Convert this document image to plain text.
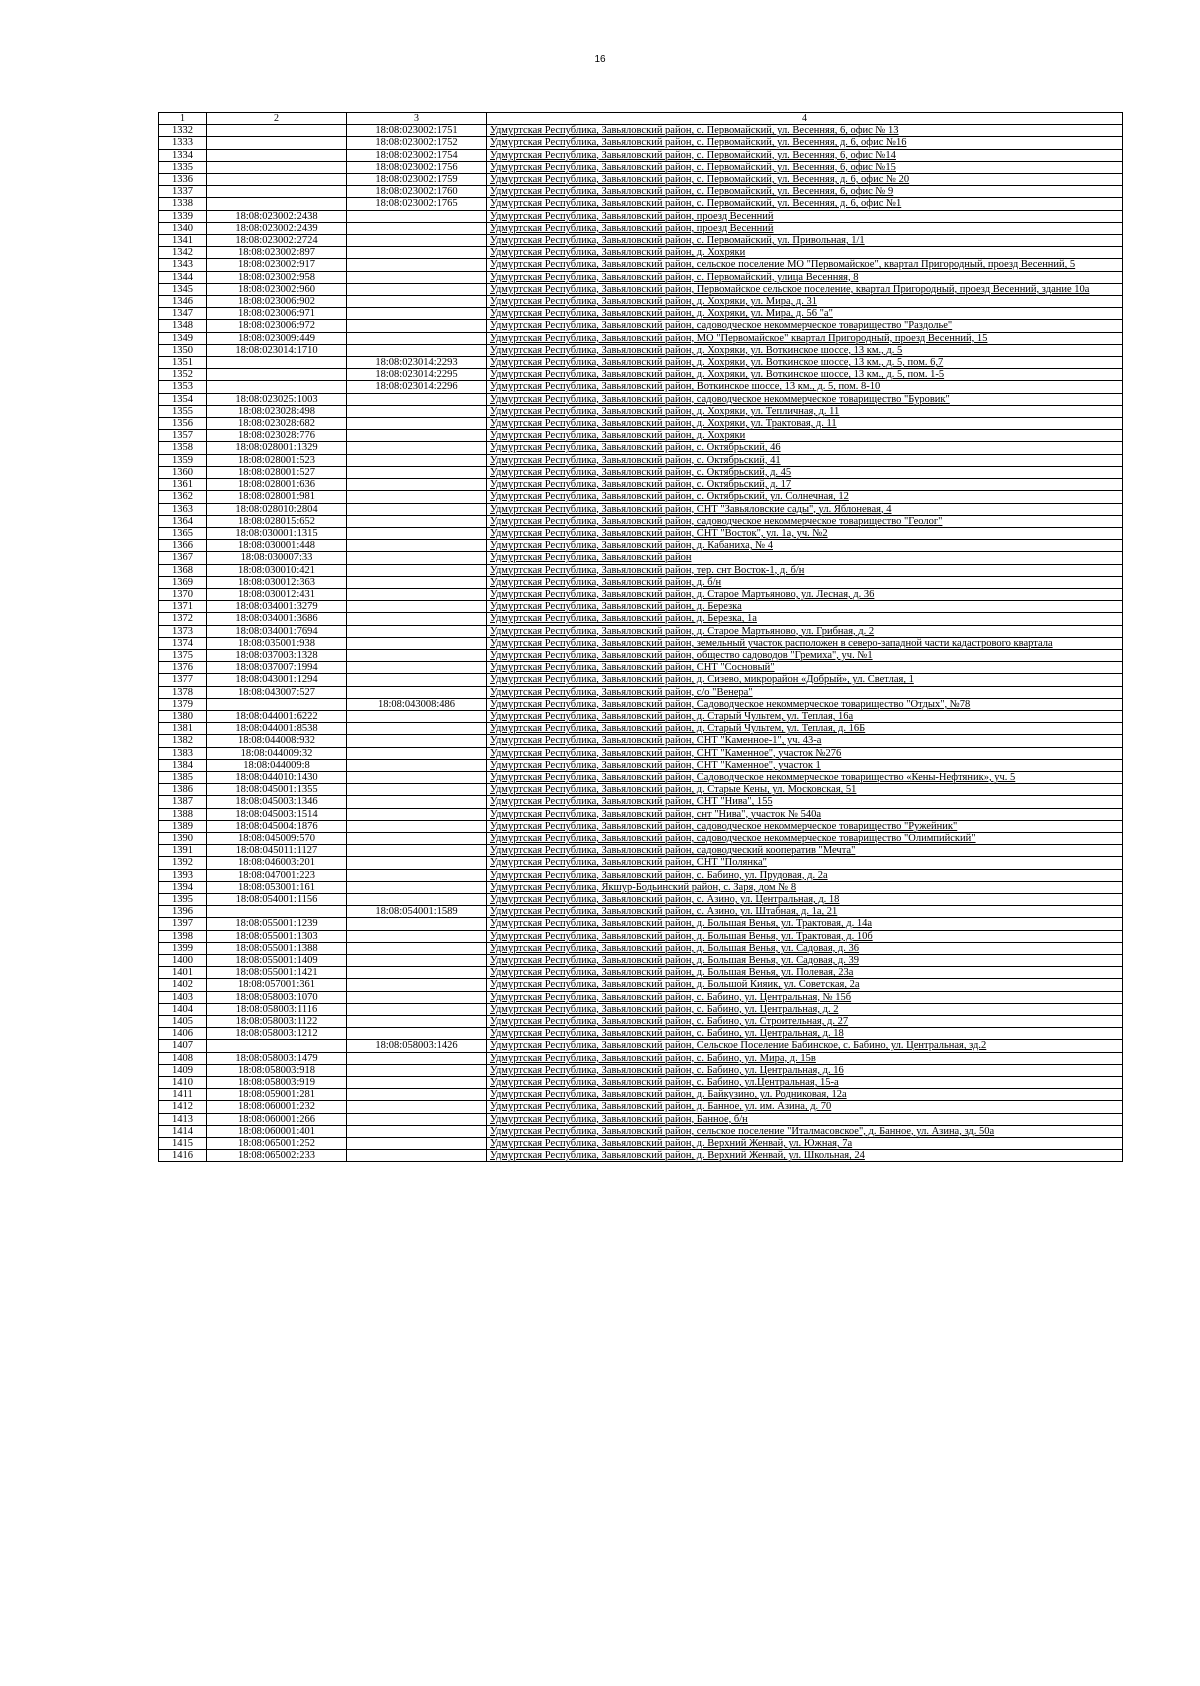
16
1	2	3	4
1332		18:08:023002:1751	Удмуртская Республика, Завьяловский район, с. Первомайский, ул. Весенняя, 6, офис № 13
1333		18:08:023002:1752	Удмуртская Республика, Завьяловский район, с. Первомайский, ул. Весенняя, д. 6, офис №16
1334		18:08:023002:1754	Удмуртская Республика, Завьяловский район, с. Первомайский, ул. Весенняя, 6, офис №14
1335		18:08:023002:1756	Удмуртская Республика, Завьяловский район, с. Первомайский, ул. Весенняя, 6, офис №15
1336		18:08:023002:1759	Удмуртская Республика, Завьяловский район, с. Первомайский, ул. Весенняя, д. 6, офис № 20
1337		18:08:023002:1760	Удмуртская Республика, Завьяловский район, с. Первомайский, ул. Весенняя, 6, офис № 9
1338		18:08:023002:1765	Удмуртская Республика, Завьяловский район, с. Первомайский, ул. Весенняя, д. 6, офис №1
1339	18:08:023002:2438		Удмуртская Республика, Завьяловский район, проезд Весенний
1340	18:08:023002:2439		Удмуртская Республика, Завьяловский район, проезд Весенний
1341	18:08:023002:2724		Удмуртская Республика, Завьяловский район, с. Первомайский, ул. Привольная, 1/1
1342	18:08:023002:897		Удмуртская Республика, Завьяловский район, д. Хохряки
1343	18:08:023002:917		Удмуртская Республика, Завьяловский район, сельское поселение МО "Первомайское", квартал Пригородный, проезд Весенний, 5
1344	18:08:023002:958		Удмуртская Республика, Завьяловский район, с. Первомайский, улица Весенняя, 8
1345	18:08:023002:960		Удмуртская Республика, Завьяловский район, Первомайское сельское поселение, квартал Пригородный, проезд Весенний, здание 10а
1346	18:08:023006:902		Удмуртская Республика, Завьяловский район, д. Хохряки, ул. Мира, д. 31
1347	18:08:023006:971		Удмуртская Республика, Завьяловский район, д. Хохряки, ул. Мира, д. 56 "а"
1348	18:08:023006:972		Удмуртская Республика, Завьяловский район, садоводческое некоммерческое товарищество "Раздолье"
1349	18:08:023009:449		Удмуртская Республика, Завьяловский район, МО "Первомайское" квартал Пригородный, проезд Весенний, 15
1350	18:08:023014:1710		Удмуртская Республика, Завьяловский район, д. Хохряки, ул. Воткинское шоссе, 13 км., д. 5
1351		18:08:023014:2293	Удмуртская Республика, Завьяловский район, д. Хохряки, ул. Воткинское шоссе, 13 км., д. 5, пом. 6,7
1352		18:08:023014:2295	Удмуртская Республика, Завьяловский район, д. Хохряки, ул. Воткинское шоссе, 13 км., д. 5, пом. 1-5
1353		18:08:023014:2296	Удмуртская Республика, Завьяловский район, Воткинское шоссе, 13 км., д. 5, пом. 8-10
1354	18:08:023025:1003		Удмуртская Республика, Завьяловский район, садоводческое некоммерческое товарищество "Буровик"
1355	18:08:023028:498		Удмуртская Республика, Завьяловский район, д. Хохряки, ул. Тепличная, д. 11
1356	18:08:023028:682		Удмуртская Республика, Завьяловский район, д. Хохряки, ул. Трактовая, д. 11
1357	18:08:023028:776		Удмуртская Республика, Завьяловский район, д. Хохряки
1358	18:08:028001:1329		Удмуртская Республика, Завьяловский район, с. Октябрьский, 46
1359	18:08:028001:523		Удмуртская Республика, Завьяловский район, с. Октябрьский, 41
1360	18:08:028001:527		Удмуртская Республика, Завьяловский район, с. Октябрьский, д. 45
1361	18:08:028001:636		Удмуртская Республика, Завьяловский район, с. Октябрьский, д. 17
1362	18:08:028001:981		Удмуртская Республика, Завьяловский район, с. Октябрьский, ул. Солнечная, 12
1363	18:08:028010:2804		Удмуртская Республика, Завьяловский район, СНТ "Завьяловские сады", ул. Яблоневая, 4
1364	18:08:028015:652		Удмуртская Республика, Завьяловский район, садоводческое некоммерческое товарищество "Геолог"
1365	18:08:030001:1315		Удмуртская Республика, Завьяловский район, СНТ "Восток", ул. 1а, уч. №2
1366	18:08:030001:448		Удмуртская Республика, Завьяловский район, д. Кабаниха, № 4
1367	18:08:030007:33		Удмуртская Республика, Завьяловский район
1368	18:08:030010:421		Удмуртская Республика, Завьяловский район, тер. снт Восток-1, д. б/н
1369	18:08:030012:363		Удмуртская Республика, Завьяловский район, д. б/н
1370	18:08:030012:431		Удмуртская Республика, Завьяловский район, д. Старое Мартьяново, ул. Лесная, д. 36
1371	18:08:034001:3279		Удмуртская Республика, Завьяловский район, д. Березка
1372	18:08:034001:3686		Удмуртская Республика, Завьяловский район, д. Березка, 1а
1373	18:08:034001:7694		Удмуртская Республика, Завьяловский район, д. Старое Мартьяново, ул. Грибная, д. 2
1374	18:08:035001:938		Удмуртская Республика, Завьяловский район, земельный участок расположен в северо-западной части кадастрового квартала
1375	18:08:037003:1328		Удмуртская Республика, Завьяловский район, общество садоводов "Гремиха", уч. №1
1376	18:08:037007:1994		Удмуртская Республика, Завьяловский район, СНТ "Сосновый"
1377	18:08:043001:1294		Удмуртская Республика, Завьяловский район, д. Сизево, микрорайон «Добрый», ул. Светлая, 1
1378	18:08:043007:527		Удмуртская Республика, Завьяловский район, с/о "Венера"
1379		18:08:043008:486	Удмуртская Республика, Завьяловский район, Садоводческое некоммерческое товарищество "Отдых", №78
1380	18:08:044001:6222		Удмуртская Республика, Завьяловский район, д. Старый Чультем, ул. Теплая, 16а
1381	18:08:044001:8538		Удмуртская Республика, Завьяловский район, д. Старый Чультем, ул. Теплая, д. 16Б
1382	18:08:044008:932		Удмуртская Республика, Завьяловский район, СНТ "Каменное-1", уч. 43-а
1383	18:08:044009:32		Удмуртская Республика, Завьяловский район, СНТ "Каменное", участок №276
1384	18:08:044009:8		Удмуртская Республика, Завьяловский район, СНТ "Каменное", участок 1
1385	18:08:044010:1430		Удмуртская Республика, Завьяловский район, Садоводческое некоммерческое товарищество «Кены-Нефтяник», уч. 5
1386	18:08:045001:1355		Удмуртская Республика, Завьяловский район, д. Старые Кены, ул. Московская, 51
1387	18:08:045003:1346		Удмуртская Республика, Завьяловский район, СНТ "Нива", 155
1388	18:08:045003:1514		Удмуртская Республика, Завьяловский район, снт "Нива", участок № 540а
1389	18:08:045004:1876		Удмуртская Республика, Завьяловский район, садоводческое некоммерческое товарищество "Ружейник"
1390	18:08:045009:570		Удмуртская Республика, Завьяловский район, садоводческое некоммерческое товарищество "Олимпийский"
1391	18:08:045011:1127		Удмуртская Республика, Завьяловский район, садоводческий кооператив "Мечта"
1392	18:08:046003:201		Удмуртская Республика, Завьяловский район, СНТ "Полянка"
1393	18:08:047001:223		Удмуртская Республика, Завьяловский район, с. Бабино, ул. Прудовая, д. 2а
1394	18:08:053001:161		Удмуртская Республика, Якшур-Бодьинский район, с. Заря, дом № 8
1395	18:08:054001:1156		Удмуртская Республика, Завьяловский район, с. Азино, ул. Центральная, д. 18
1396		18:08:054001:1589	Удмуртская Республика, Завьяловский район, с. Азино, ул. Штабная, д. 1а, 21
1397	18:08:055001:1239		Удмуртская Республика, Завьяловский район, д. Большая Венья, ул. Трактовая, д. 14а
1398	18:08:055001:1303		Удмуртская Республика, Завьяловский район, д. Большая Венья, ул. Трактовая, д. 10б
1399	18:08:055001:1388		Удмуртская Республика, Завьяловский район, д. Большая Венья, ул. Садовая, д. 36
1400	18:08:055001:1409		Удмуртская Республика, Завьяловский район, д. Большая Венья, ул. Садовая, д. 39
1401	18:08:055001:1421		Удмуртская Республика, Завьяловский район, д. Большая Венья, ул. Полевая, 23а
1402	18:08:057001:361		Удмуртская Республика, Завьяловский район, д. Большой Кияик, ул. Советская, 2а
1403	18:08:058003:1070		Удмуртская Республика, Завьяловский район, с. Бабино, ул. Центральная, № 15б
1404	18:08:058003:1116		Удмуртская Республика, Завьяловский район, с. Бабино, ул. Центральная, д. 2
1405	18:08:058003:1122		Удмуртская Республика, Завьяловский район, с. Бабино, ул. Строительная, д. 27
1406	18:08:058003:1212		Удмуртская Республика, Завьяловский район, с. Бабино, ул. Центральная, д. 18
1407		18:08:058003:1426	Удмуртская Республика, Завьяловский район, Сельское Поселение Бабинское, с. Бабино, ул. Центральная, зд.2
1408	18:08:058003:1479		Удмуртская Республика, Завьяловский район, с. Бабино, ул. Мира, д. 15в
1409	18:08:058003:918		Удмуртская Республика, Завьяловский район, с. Бабино, ул. Центральная, д. 16
1410	18:08:058003:919		Удмуртская Республика, Завьяловский район, с. Бабино, ул.Центральная, 15-а
1411	18:08:059001:281		Удмуртская Республика, Завьяловский район, д. Байкузино, ул. Родниковая, 12а
1412	18:08:060001:232		Удмуртская Республика, Завьяловский район, д. Банное, ул. им. Азина, д. 70
1413	18:08:060001:266		Удмуртская Республика, Завьяловский район, Банное, б/н
1414	18:08:060001:401		Удмуртская Республика, Завьяловский район, сельское поселение "Италмасовское", д. Банное, ул. Азина, зд. 50а
1415	18:08:065001:252		Удмуртская Республика, Завьяловский район, д. Верхний Женвай, ул. Южная, 7а
1416	18:08:065002:233		Удмуртская Республика, Завьяловский район, д. Верхний Женвай, ул. Школьная, 24
